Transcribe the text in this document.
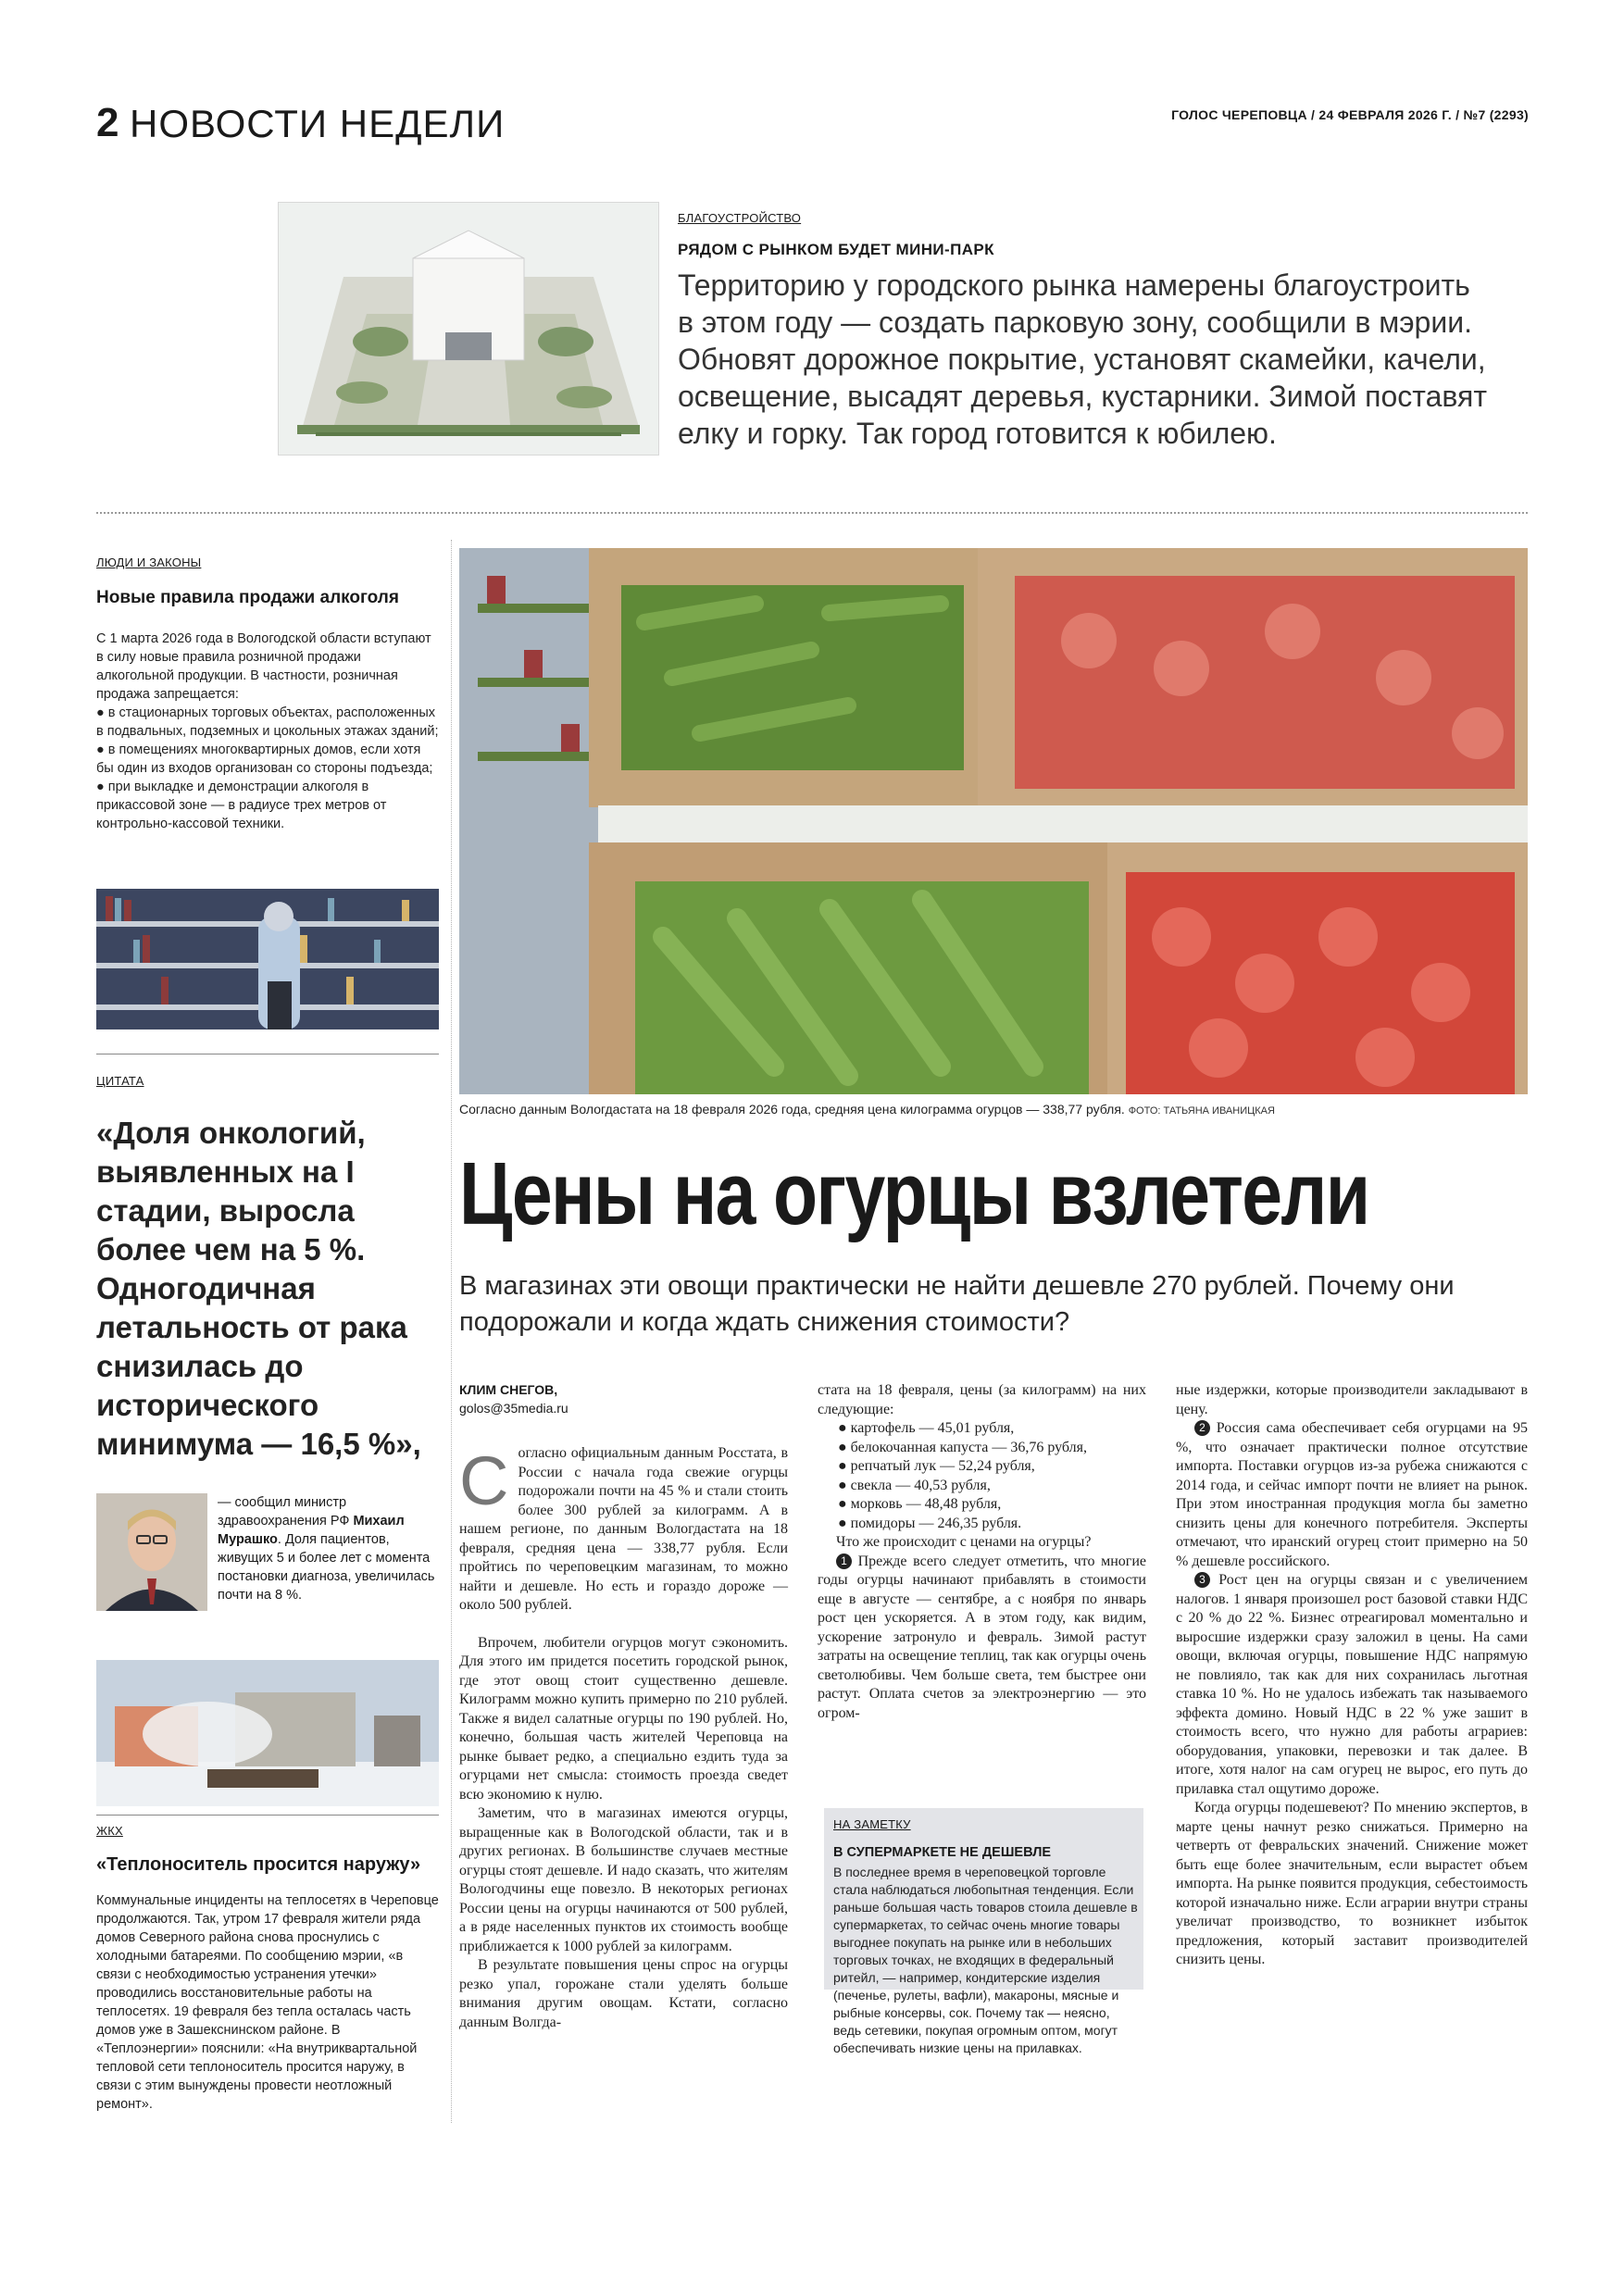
2 НОВОСТИ НЕДЕЛИ	ГОЛОС ЧЕРЕПОВЦА / 24 ФЕВРАЛЯ 2026 Г. / №7 (2293)
БЛАГОУСТРОЙСТВО
РЯДОМ С РЫНКОМ БУДЕТ МИНИ-ПАРК
Территорию у городского рынка намерены благоустроить в этом году — создать парковую зону, сообщили в мэрии. Обновят дорожное покрытие, установят скамейки, качели, освещение, высадят деревья, кустарники. Зимой поставят елку и горку. Так город готовится к юбилею.
ЛЮДИ И ЗАКОНЫ
Новые правила продажи алкоголя

С 1 марта 2026 года в Вологодской области вступают в силу новые правила розничной продажи алкогольной продукции. В частности, розничная продажа запрещается:

● в стационарных торговых объектах, расположенных в подвальных, подземных и цокольных этажах зданий;

● в помещениях многоквартирных домов, если хотя бы один из входов организован со стороны подъезда;

● при выкладке и демонстрации алкоголя в прикассовой зоне — в радиусе трех метров от контрольно-кассовой техники.

ЦИТАТА
«Доля онкологий, выявленных на I стадии, выросла более чем на 5 %. Одногодичная летальность от рака снизилась до исторического минимума — 16,5 %»,
— сообщил министр здравоохранения РФ Михаил Мурашко. Доля пациентов, живущих 5 и более лет с момента постановки диагноза, увеличилась почти на 8 %.
ЖКХ
«Теплоноситель просится наружу»
Коммунальные инциденты на теплосетях в Череповце продолжаются. Так, утром 17 февраля жители ряда домов Северного района снова проснулись с холодными батареями. По сообщению мэрии, «в связи с необходимостью устранения утечки» проводились восстановительные работы на теплосетях. 19 февраля без тепла осталась часть домов уже в Зашекснинском районе. В «Теплоэнергии» пояснили: «На внутриквартальной тепловой сети теплоноситель просится наружу, в связи с этим вынуждены провести неотложный ремонт».
Согласно данным Вологдастата на 18 февраля 2026 года, средняя цена килограмма огурцов — 338,77 рубля. ФОТО: ТАТЬЯНА ИВАНИЦКАЯ
Цены на огурцы взлетели
В магазинах эти овощи практически не найти дешевле 270 рублей. Почему они подорожали и когда ждать снижения стоимости?
КЛИМ СНЕГОВ,
golos@35media.ru

Согласно официальным данным Росстата, в России с начала года свежие огурцы подорожали почти на 45 % и стали стоить более 300 рублей за килограмм. А в нашем регионе, по данным Вологдастата на 18 февраля, средняя цена — 338,77 рубля. Если пройтись по череповецким магазинам, то можно найти и дешевле. Но есть и гораздо дороже — около 500 рублей.

Впрочем, любители огурцов могут сэкономить. Для этого им придется посетить городской рынок, где этот овощ стоит существенно дешевле. Килограмм можно купить примерно по 210 рублей. Также я видел салатные огурцы по 190 рублей. Но, конечно, большая часть жителей Череповца на рынке бывает редко, а специально ездить туда за огурцами нет смысла: стоимость проезда сведет всю экономию к нулю.

Заметим, что в магазинах имеются огурцы, выращенные как в Вологодской области, так и в других регионах. В большинстве случаев местные огурцы стоят дешевле. И надо сказать, что жителям Вологодчины еще повезло. В некоторых регионах России цены на огурцы начинаются от 500 рублей, а в ряде населенных пунктов их стоимость вообще приближается к 1000 рублей за килограмм.

В результате повышения цены спрос на огурцы резко упал, горожане стали уделять больше внимания другим овощам. Кстати, согласно данным Волгда-

стата на 18 февраля, цены (за килограмм) на них следующие:

● картофель — 45,01 рубля,

● белокочанная капуста — 36,76 рубля,

● репчатый лук — 52,24 рубля,

● свекла — 40,53 рубля,

● морковь — 48,48 рубля,

● помидоры — 246,35 рубля.

Что же происходит с ценами на огурцы?

1 Прежде всего следует отметить, что многие годы огурцы начинают прибавлять в стоимости еще в августе — сентябре, а с ноября по январь рост цен ускоряется. А в этом году, как видим, ускорение затронуло и февраль. Зимой растут затраты на освещение теплиц, так как огурцы очень светолюбивы. Чем больше света, тем быстрее они растут. Оплата счетов за электроэнергию — это огром-

НА ЗАМЕТКУ
В СУПЕРМАРКЕТЕ НЕ ДЕШЕВЛЕ
В последнее время в череповецкой торговле стала наблюдаться любопытная тенденция. Если раньше большая часть товаров стоила дешевле в супермаркетах, то сейчас очень многие товары выгоднее покупать на рынке или в небольших торговых точках, не входящих в федеральный ритейл, — например, кондитерские изделия (печенье, рулеты, вафли), макароны, мясные и рыбные консервы, сок. Почему так — неясно, ведь сетевики, покупая огромным оптом, могут обеспечивать низкие цены на прилавках.

ные издержки, которые производители закладывают в цену.

2 Россия сама обеспечивает себя огурцами на 95 %, что означает практически полное отсутствие импорта. Поставки огурцов из-за рубежа снижаются с 2014 года, и сейчас импорт почти не влияет на рынок. При этом иностранная продукция могла бы заметно снизить цены для конечного потребителя. Эксперты отмечают, что иранский огурец стоит примерно на 50 % дешевле российского.

3 Рост цен на огурцы связан и с увеличением налогов. 1 января произошел рост базовой ставки НДС с 20 % до 22 %. Бизнес отреагировал моментально и выросшие издержки сразу заложил в цены. На сами овощи, включая огурцы, повышение НДС напрямую не повлияло, так как для них сохранилась льготная ставка 10 %. Но не удалось избежать так называемого эффекта домино. Новый НДС в 22 % уже зашит в стоимость всего, что нужно для работы аграриев: оборудования, упаковки, перевозки и так далее. В итоге, хотя налог на сам огурец не вырос, его путь до прилавка стал ощутимо дороже.

Когда огурцы подешевеют? По мнению экспертов, в марте цены начнут резко снижаться. Примерно на четверть от февральских значений. Снижение может быть еще более значительным, если вырастет объем импорта. На рынке появится продукция, себестоимость которой изначально ниже. Если аграрии внутри страны увеличат производство, то возникнет избыток предложения, который заставит производителей снизить цены.
